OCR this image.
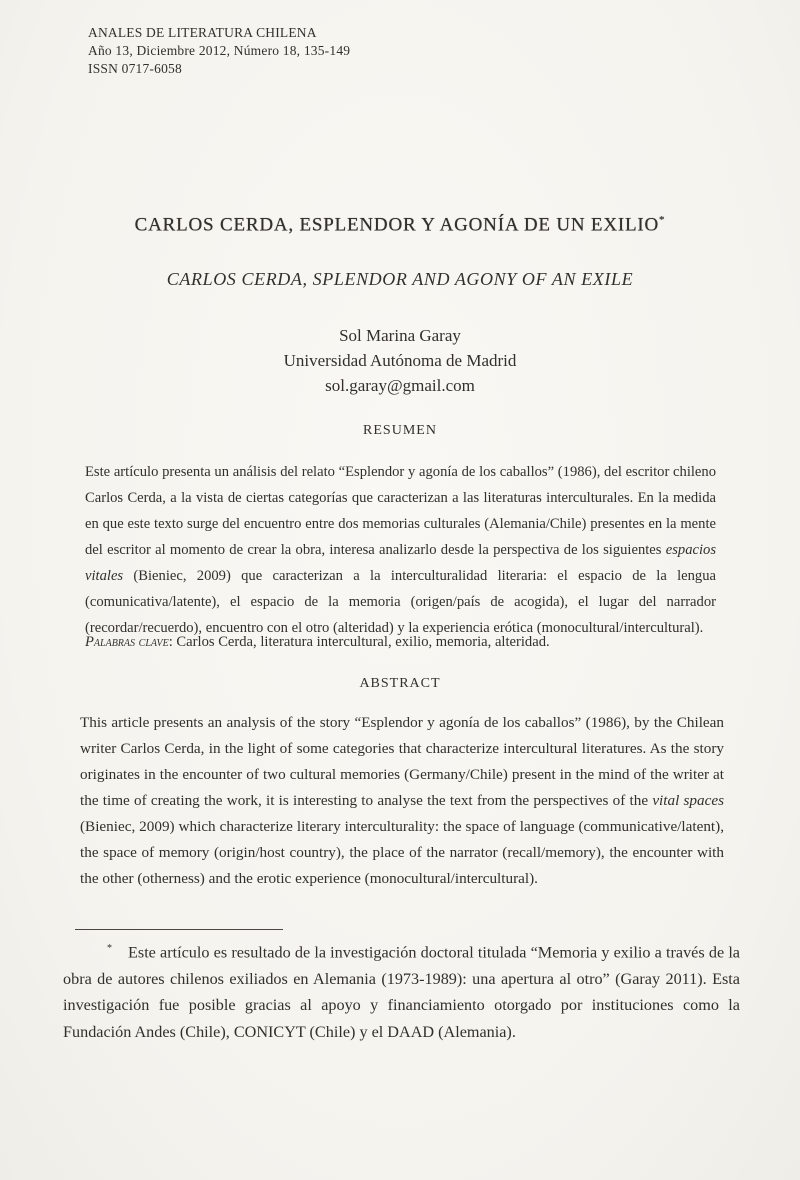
ANALES DE LITERATURA CHILENA
Año 13, Diciembre 2012, Número 18, 135-149
ISSN 0717-6058
CARLOS CERDA, ESPLENDOR Y AGONÍA DE UN EXILIO*
CARLOS CERDA, SPLENDOR AND AGONY OF AN EXILE
Sol Marina Garay
Universidad Autónoma de Madrid
sol.garay@gmail.com
RESUMEN

Este artículo presenta un análisis del relato “Esplendor y agonía de los caballos” (1986), del escritor chileno Carlos Cerda, a la vista de ciertas categorías que caracterizan a las literaturas interculturales. En la medida en que este texto surge del encuentro entre dos memorias culturales (Alemania/Chile) presentes en la mente del escritor al momento de crear la obra, interesa analizarlo desde la perspectiva de los siguientes espacios vitales (Bieniec, 2009) que caracterizan a la interculturalidad literaria: el espacio de la lengua (comunicativa/latente), el espacio de la memoria (origen/país de acogida), el lugar del narrador (recordar/recuerdo), encuentro con el otro (alteridad) y la experiencia erótica (monocultural/intercultural).

Palabras clave: Carlos Cerda, literatura intercultural, exilio, memoria, alteridad.
ABSTRACT

This article presents an analysis of the story “Esplendor y agonía de los caballos” (1986), by the Chilean writer Carlos Cerda, in the light of some categories that characterize intercultural literatures. As the story originates in the encounter of two cultural memories (Germany/Chile) present in the mind of the writer at the time of creating the work, it is interesting to analyse the text from the perspectives of the vital spaces (Bieniec, 2009) which characterize literary interculturality: the space of language (communicative/latent), the space of memory (origin/host country), the place of the narrator (recall/memory), the encounter with the other (otherness) and the erotic experience (monocultural/intercultural).

* Este artículo es resultado de la investigación doctoral titulada “Memoria y exilio a través de la obra de autores chilenos exiliados en Alemania (1973-1989): una apertura al otro” (Garay 2011). Esta investigación fue posible gracias al apoyo y financiamiento otorgado por instituciones como la Fundación Andes (Chile), CONICYT (Chile) y el DAAD (Alemania).
